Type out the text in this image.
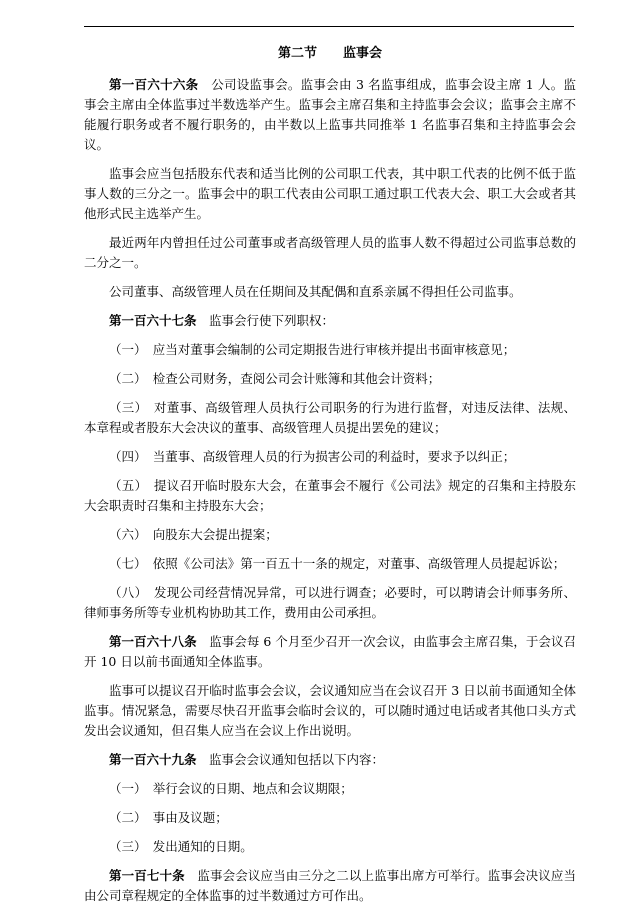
第二节　　 监事会
第一百六十六条　 公司设监事会。监事会由 3 名监事组成，监事会设主席 1 人。监事会主席由全体监事过半数选举产生。监事会主席召集和主持监事会会议；监事会主席不能履行职务或者不履行职务的，由半数以上监事共同推举 1 名监事召集和主持监事会会议。
监事会应当包括股东代表和适当比例的公司职工代表，其中职工代表的比例不低于监事人数的三分之一。监事会中的职工代表由公司职工通过职工代表大会、职工大会或者其他形式民主选举产生。
最近两年内曾担任过公司董事或者高级管理人员的监事人数不得超过公司监事总数的二分之一。
公司董事、高级管理人员在任期间及其配偶和直系亲属不得担任公司监事。
第一百六十七条　 监事会行使下列职权：
（一）　 应当对董事会编制的公司定期报告进行审核并提出书面审核意见；
（二）　 检查公司财务，查阅公司会计账簿和其他会计资料；
（三）　 对董事、高级管理人员执行公司职务的行为进行监督，对违反法律、法规、本章程或者股东大会决议的董事、高级管理人员提出罢免的建议；
（四）　 当董事、高级管理人员的行为损害公司的利益时，要求予以纠正；
（五）　 提议召开临时股东大会，在董事会不履行《公司法》规定的召集和主持股东大会职责时召集和主持股东大会；
（六）　 向股东大会提出提案；
（七）　 依照《公司法》第一百五十一条的规定，对董事、高级管理人员提起诉讼；
（八）　 发现公司经营情况异常，可以进行调查；必要时，可以聘请会计师事务所、律师事务所等专业机构协助其工作，费用由公司承担。
第一百六十八条　 监事会每 6 个月至少召开一次会议，由监事会主席召集，于会议召开 10 日以前书面通知全体监事。
监事可以提议召开临时监事会会议，会议通知应当在会议召开 3 日以前书面通知全体监事。情况紧急，需要尽快召开监事会临时会议的，可以随时通过电话或者其他口头方式发出会议通知，但召集人应当在会议上作出说明。
第一百六十九条　 监事会会议通知包括以下内容：
（一）　 举行会议的日期、地点和会议期限；
（二）　 事由及议题；
（三）　 发出通知的日期。
第一百七十条　 监事会会议应当由三分之二以上监事出席方可举行。监事会决议应当由公司章程规定的全体监事的过半数通过方可作出。
